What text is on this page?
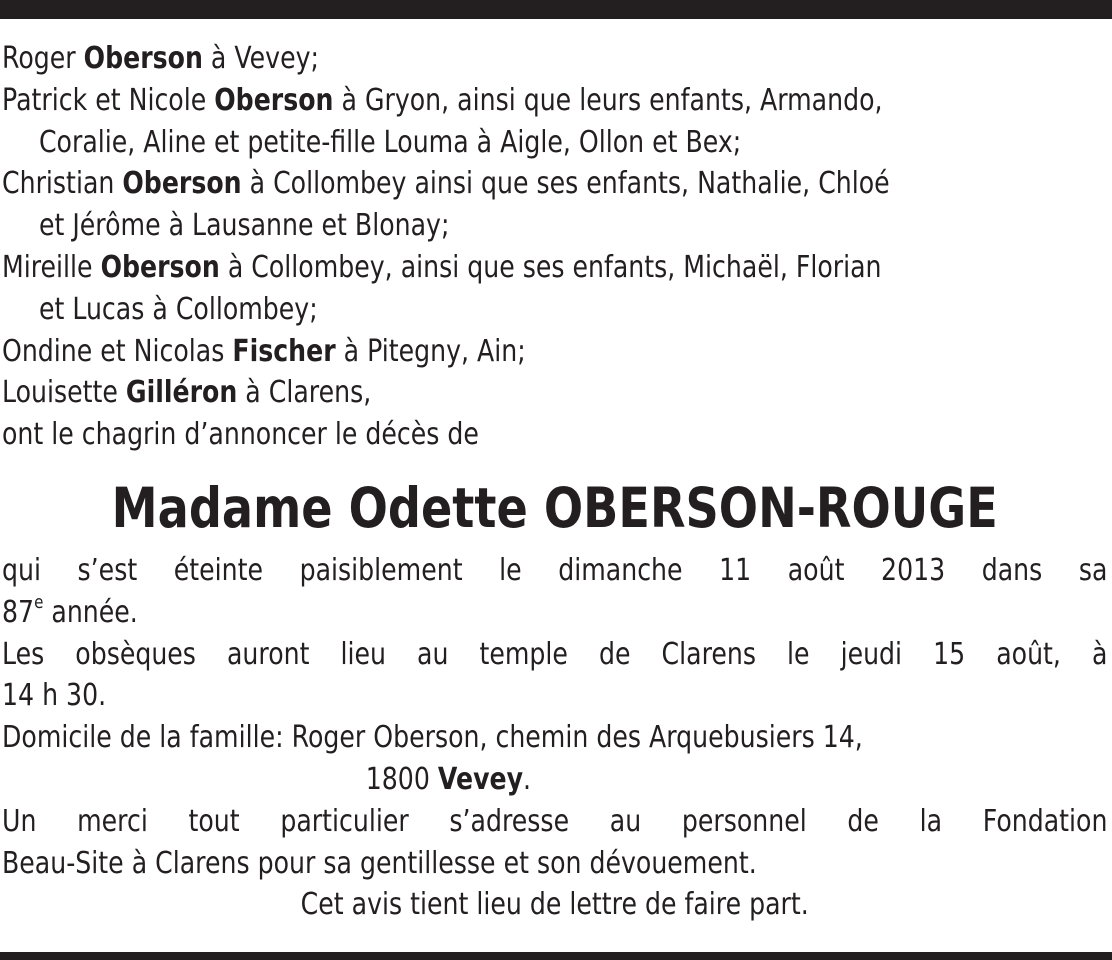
Roger Oberson à Vevey;
Patrick et Nicole Oberson à Gryon, ainsi que leurs enfants, Armando,
Coralie, Aline et petite-fille Louma à Aigle, Ollon et Bex;
Christian Oberson à Collombey ainsi que ses enfants, Nathalie, Chloé
et Jérôme à Lausanne et Blonay;
Mireille Oberson à Collombey, ainsi que ses enfants, Michaël, Florian
et Lucas à Collombey;
Ondine et Nicolas Fischer à Pitegny, Ain;
Louisette Gilléron à Clarens,
ont le chagrin d’annoncer le décès de
Madame Odette OBERSON-ROUGE
qui s’est éteinte paisiblement le dimanche 11 août 2013 dans sa
87e année.
Les obsèques auront lieu au temple de Clarens le jeudi 15 août, à
14 h 30.
Domicile de la famille: Roger Oberson, chemin des Arquebusiers 14,
1800 Vevey.
Un merci tout particulier s’adresse au personnel de la Fondation
Beau-Site à Clarens pour sa gentillesse et son dévouement.
Cet avis tient lieu de lettre de faire part.
